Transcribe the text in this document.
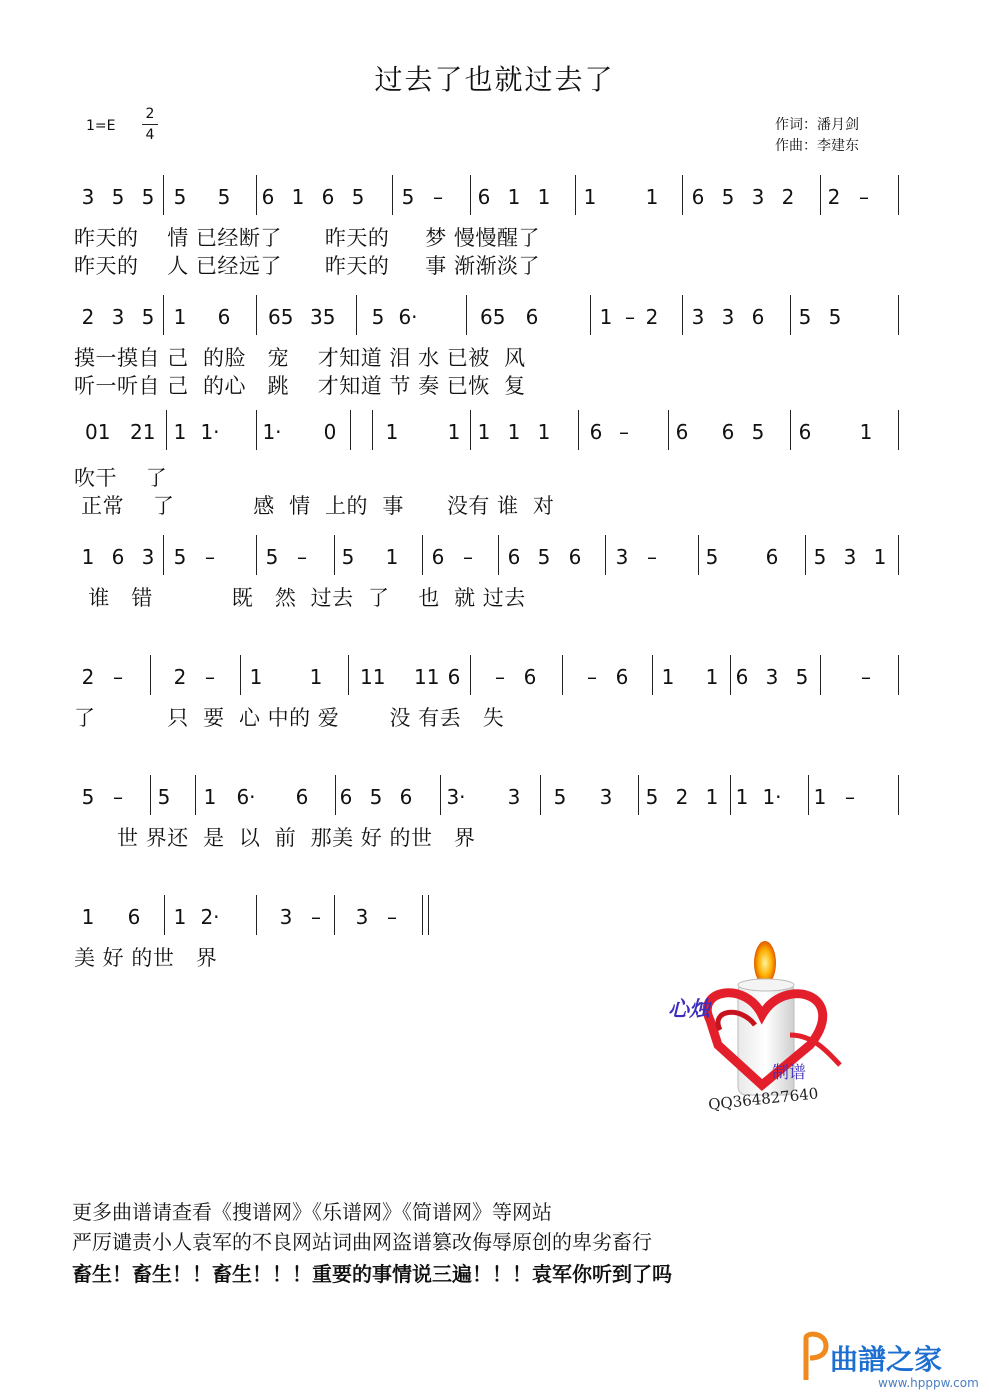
过去了也就过去了
1=E
2
4
作词：潘月剑
作曲：李建东
3 5 5 5 5 6 1 6 5 5 – 6 1 1 1 1 6 5 3 2 2 –
昨天的    情 已经断了      昨天的     梦 慢慢醒了
昨天的    人 已经远了      昨天的     事 渐渐淡了
2 3 5 1 6 65 35 5 6·	65 6	1 2 3 3 6 5 5
–
摸一摸自 己  的脸   宠    才知道 泪 水 已被  风
听一听自 己  的心   跳    才知道 节 奏 已恢  复
01 21 1 1· 1· 0 1 1 1 1 1 6 – 6 6 5 6 1
吹干    了
正常    了           感  情  上的  事      没有 谁  对
1 6 3 5 –	5 – 5 1 6 – 6 5 6 3 – 5 6 5 3 1
谁   错           既   然  过去  了    也  就 过去
2 –	2 – 1 1 11 11 6 – 6	– 6 1 1 6 3 5	–
了          只  要  心 中的 爱       没 有丢   失
5 – 5 1 6· 6 6 5 6 3· 3 5 3 5 2 1 1 1· 1 –
世 界还  是  以  前  那美 好 的世   界
1 6 1 2·	3 – 3 –
美 好 的世   界
心烛
制谱
QQ364827640
更多曲谱请查看《搜谱网》《乐谱网》《简谱网》等网站
严厉谴责小人袁军的不良网站词曲网盗谱篡改侮辱原创的卑劣畜行
畜生！畜生！！畜生！！！重要的事情说三遍！！！袁军你听到了吗
曲譜之家
www.hpppw.com
